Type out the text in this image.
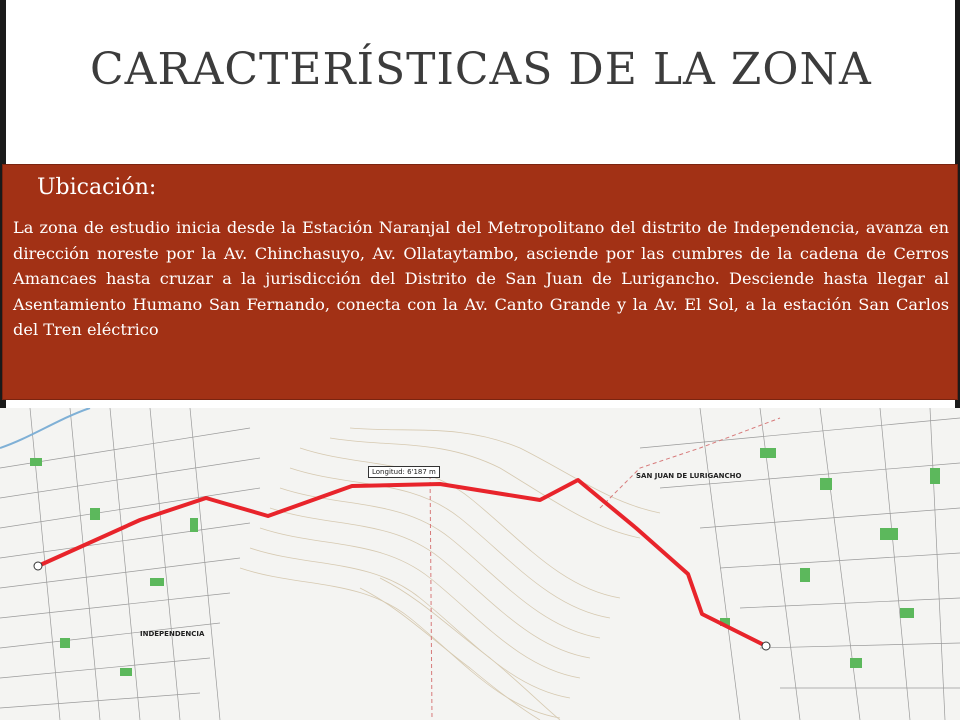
CARACTERÍSTICAS DE LA ZONA
Ubicación:
La zona de estudio inicia desde la Estación Naranjal del Metropolitano del distrito de Independencia, avanza en dirección noreste por la Av. Chinchasuyo, Av. Ollataytambo, asciende por las cumbres de la cadena de Cerros Amancaes hasta cruzar a la jurisdicción del Distrito de San Juan de Lurigancho. Desciende hasta llegar al Asentamiento Humano San Fernando, conecta con la Av. Canto Grande y la Av. El Sol, a la estación San Carlos del Tren eléctrico
SAN JUAN DE LURIGANCHO
INDEPENDENCIA
Longitud: 6'187 m
